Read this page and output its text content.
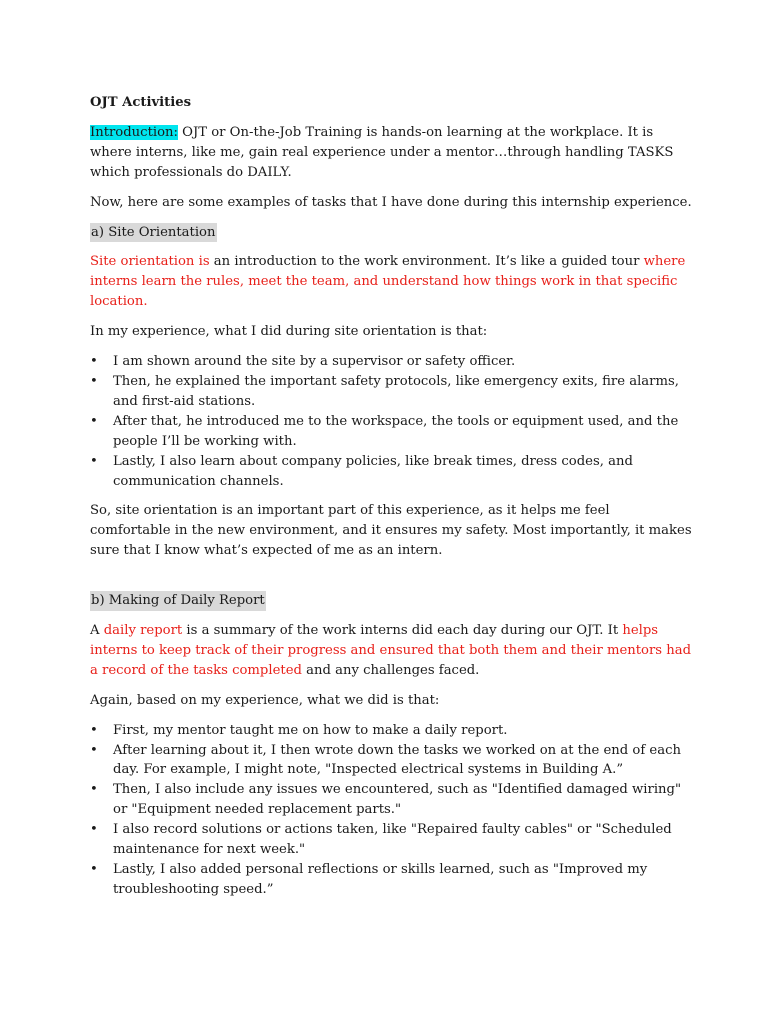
OJT Activities

Introduction: OJT or On-the-Job Training is hands-on learning at the workplace. It is where interns, like me, gain real experience under a mentor…through handling TASKS which professionals do DAILY.

Now, here are some examples of tasks that I have done during this internship experience.

a) Site Orientation

Site orientation is an introduction to the work environment. It’s like a guided tour where interns learn the rules, meet the team, and understand how things work in that specific location.

In my experience, what I did during site orientation is that:

• I am shown around the site by a supervisor or safety officer.
• Then, he explained the important safety protocols, like emergency exits, fire alarms, and first-aid stations.
• After that, he introduced me to the workspace, the tools or equipment used, and the people I’ll be working with.
• Lastly, I also learn about company policies, like break times, dress codes, and communication channels.

So, site orientation is an important part of this experience, as it helps me feel comfortable in the new environment, and it ensures my safety. Most importantly, it makes sure that I know what’s expected of me as an intern.

b) Making of Daily Report

A daily report is a summary of the work interns did each day during our OJT. It helps interns to keep track of their progress and ensured that both them and their mentors had a record of the tasks completed and any challenges faced.

Again, based on my experience, what we did is that:

• First, my mentor taught me on how to make a daily report.
• After learning about it, I then wrote down the tasks we worked on at the end of each day. For example, I might note, "Inspected electrical systems in Building A.”
• Then, I also include any issues we encountered, such as "Identified damaged wiring" or "Equipment needed replacement parts."
• I also record solutions or actions taken, like "Repaired faulty cables" or "Scheduled maintenance for next week."
• Lastly, I also added personal reflections or skills learned, such as "Improved my troubleshooting speed.”
